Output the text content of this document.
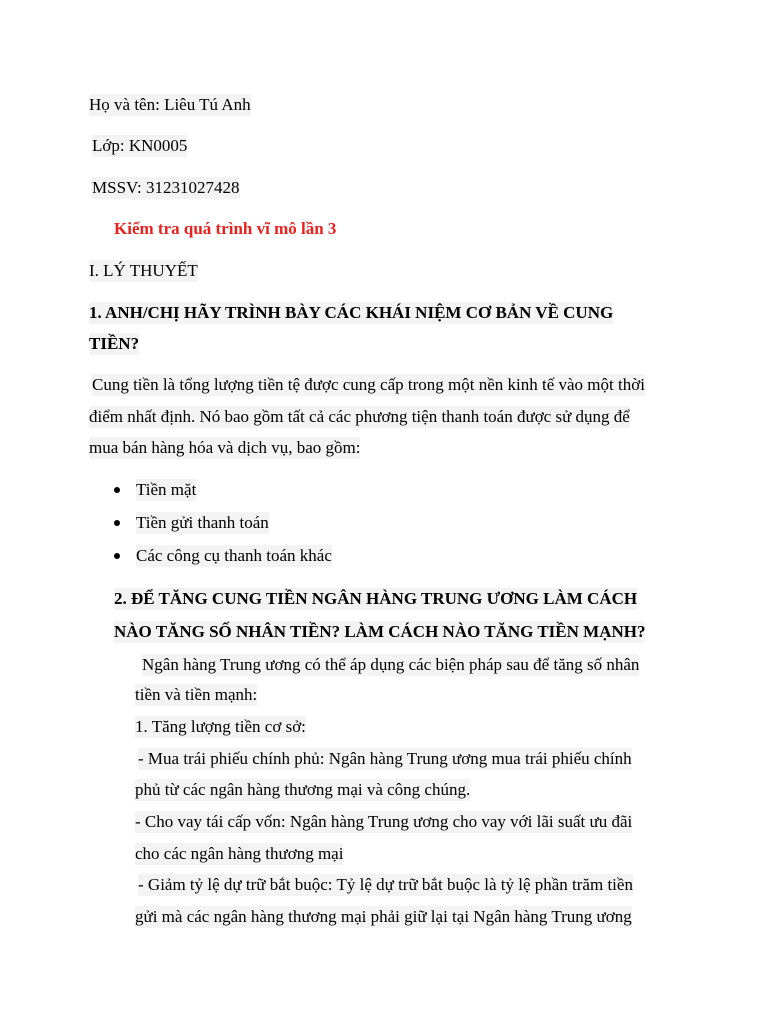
Họ và tên: Liêu Tú Anh
Lớp: KN0005
MSSV: 31231027428
Kiểm tra quá trình vĩ mô lần 3
I. LÝ THUYẾT
1. ANH/CHỊ HÃY TRÌNH BÀY CÁC KHÁI NIỆM CƠ BẢN VỀ CUNG
TIỀN?
Cung tiền là tổng lượng tiền tệ được cung cấp trong một nền kinh tế vào một thời
điểm nhất định. Nó bao gồm tất cả các phương tiện thanh toán được sử dụng để
mua bán hàng hóa và dịch vụ, bao gồm:
Tiền mặt
Tiền gửi thanh toán
Các công cụ thanh toán khác
2. ĐỂ TĂNG CUNG TIỀN NGÂN HÀNG TRUNG ƯƠNG LÀM CÁCH
NÀO TĂNG SỐ NHÂN TIỀN? LÀM CÁCH NÀO TĂNG TIỀN MẠNH?
Ngân hàng Trung ương có thể áp dụng các biện pháp sau để tăng số nhân
tiền và tiền mạnh:
1. Tăng lượng tiền cơ sở:
- Mua trái phiếu chính phủ: Ngân hàng Trung ương mua trái phiếu chính
phủ từ các ngân hàng thương mại và công chúng.
- Cho vay tái cấp vốn: Ngân hàng Trung ương cho vay với lãi suất ưu đãi
cho các ngân hàng thương mại
- Giảm tỷ lệ dự trữ bắt buộc: Tỷ lệ dự trữ bắt buộc là tỷ lệ phần trăm tiền
gửi mà các ngân hàng thương mại phải giữ lại tại Ngân hàng Trung ương
